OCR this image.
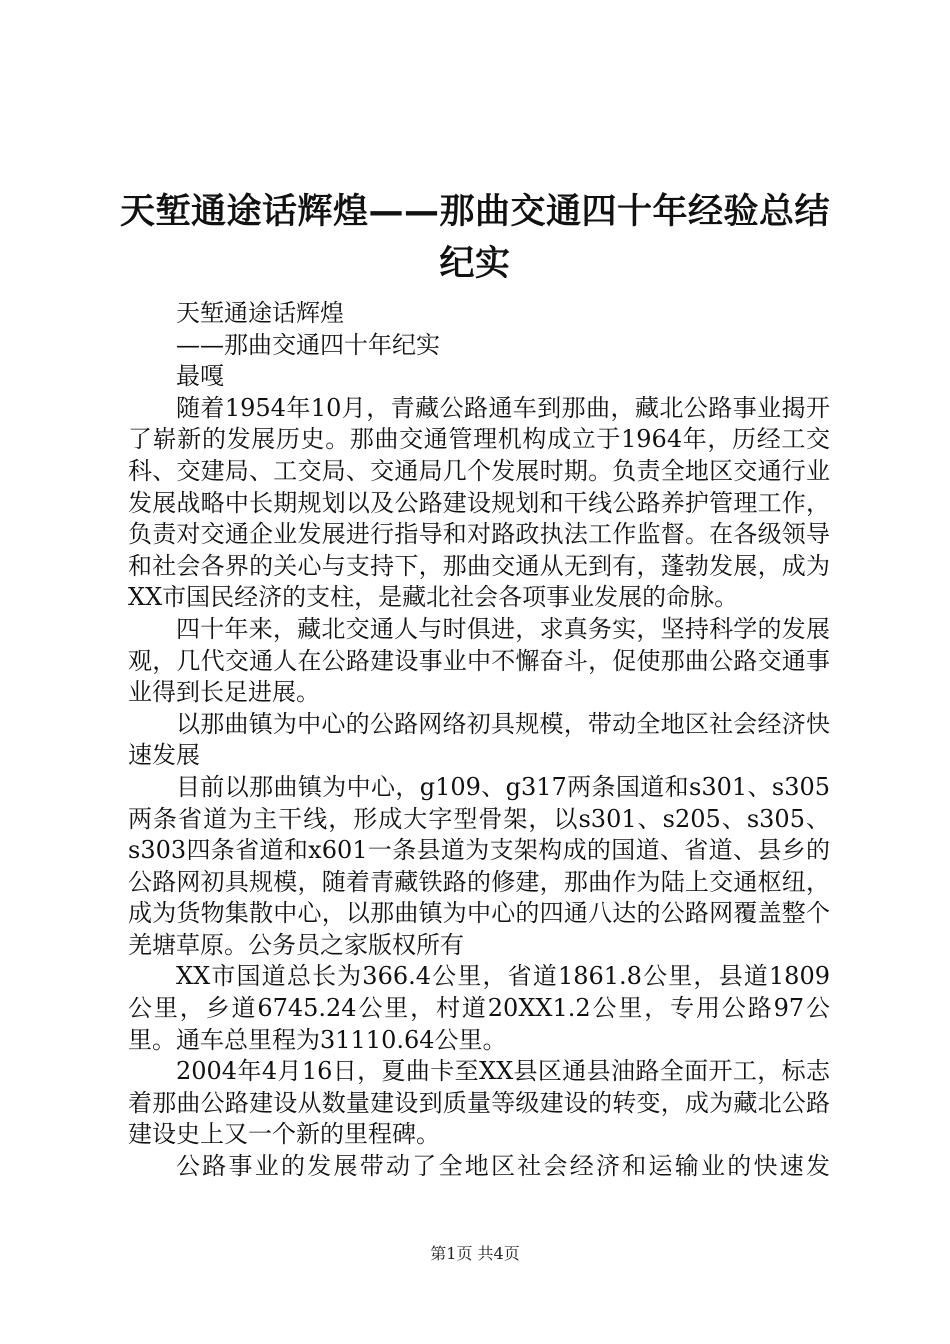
天堑通途话辉煌——那曲交通四十年经验总结纪实

天堑通途话辉煌

——那曲交通四十年纪实

最嘎

随着1954年10月，青藏公路通车到那曲，藏北公路事业揭开了崭新的发展历史。那曲交通管理机构成立于1964年，历经工交科、交建局、工交局、交通局几个发展时期。负责全地区交通行业发展战略中长期规划以及公路建设规划和干线公路养护管理工作，负责对交通企业发展进行指导和对路政执法工作监督。在各级领导和社会各界的关心与支持下，那曲交通从无到有，蓬勃发展，成为XX市国民经济的支柱，是藏北社会各项事业发展的命脉。

四十年来，藏北交通人与时俱进，求真务实，坚持科学的发展观，几代交通人在公路建设事业中不懈奋斗，促使那曲公路交通事业得到长足进展。

以那曲镇为中心的公路网络初具规模，带动全地区社会经济快速发展

目前以那曲镇为中心，g109、g317两条国道和s301、s305两条省道为主干线，形成大字型骨架，以s301、s205、s305、s303四条省道和x601一条县道为支架构成的国道、省道、县乡的公路网初具规模，随着青藏铁路的修建，那曲作为陆上交通枢纽，成为货物集散中心，以那曲镇为中心的四通八达的公路网覆盖整个羌塘草原。公务员之家版权所有

XX市国道总长为366.4公里，省道1861.8公里，县道1809公里，乡道6745.24公里，村道20XX1.2公里，专用公路97公里。通车总里程为31110.64公里。

2004年4月16日，夏曲卡至XX县区通县油路全面开工，标志着那曲公路建设从数量建设到质量等级建设的转变，成为藏北公路建设史上又一个新的里程碑。

公路事业的发展带动了全地区社会经济和运输业的快速发

第1页 共4页
